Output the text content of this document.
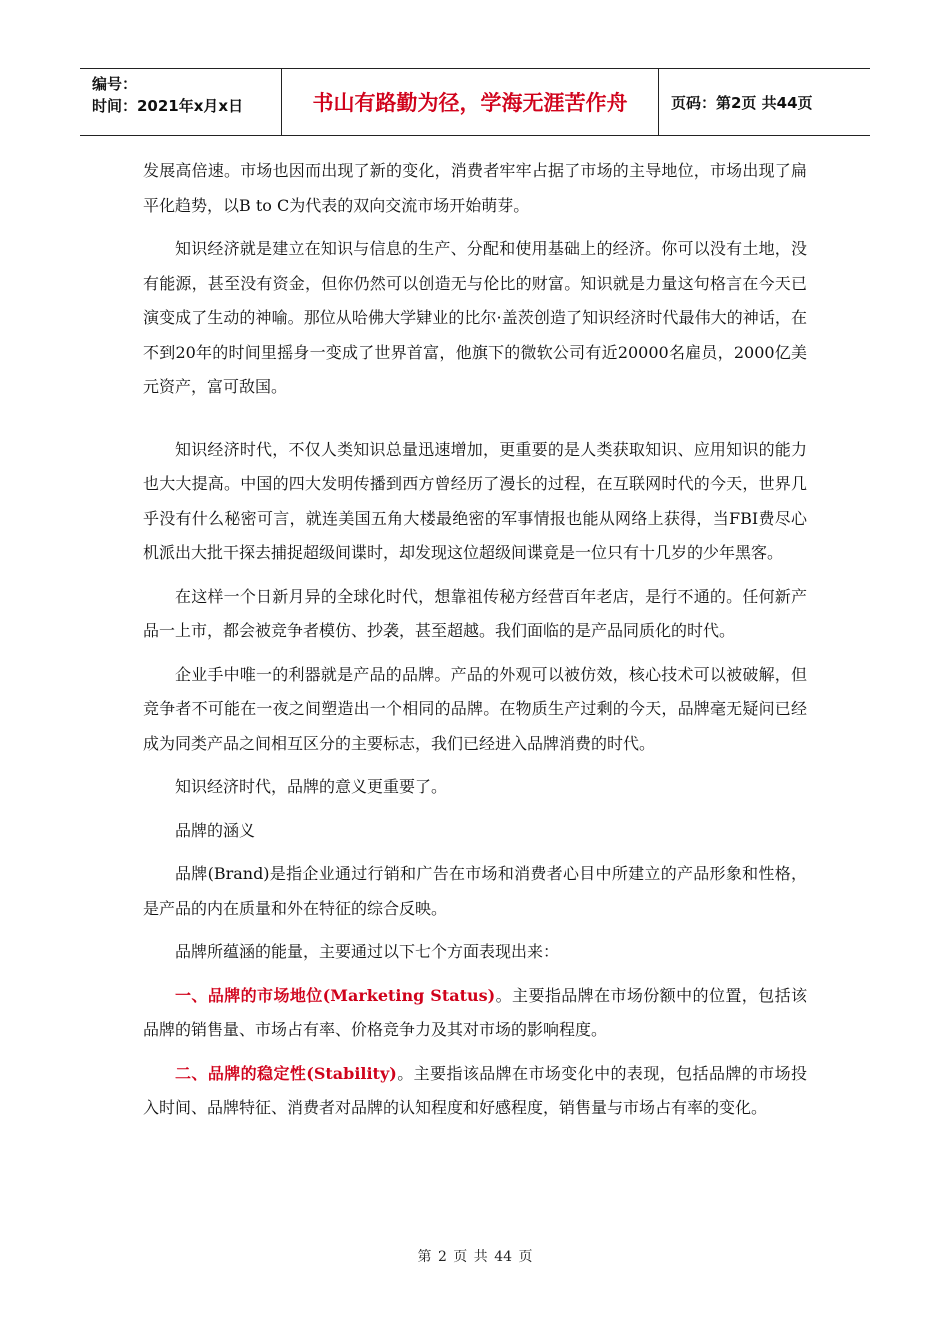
编号：
时间：2021年x月x日	书山有路勤为径，学海无涯苦作舟	页码：第2页 共44页

发展高倍速。市场也因而出现了新的变化，消费者牢牢占据了市场的主导地位，市场出现了扁平化趋势，以B to C为代表的双向交流市场开始萌芽。

知识经济就是建立在知识与信息的生产、分配和使用基础上的经济。你可以没有土地，没有能源，甚至没有资金，但你仍然可以创造无与伦比的财富。知识就是力量这句格言在今天已演变成了生动的神喻。那位从哈佛大学肄业的比尔·盖茨创造了知识经济时代最伟大的神话，在不到20年的时间里摇身一变成了世界首富，他旗下的微软公司有近20000名雇员，2000亿美元资产，富可敌国。

知识经济时代，不仅人类知识总量迅速增加，更重要的是人类获取知识、应用知识的能力也大大提高。中国的四大发明传播到西方曾经历了漫长的过程，在互联网时代的今天，世界几乎没有什么秘密可言，就连美国五角大楼最绝密的军事情报也能从网络上获得，当FBI费尽心机派出大批干探去捕捉超级间谍时，却发现这位超级间谍竟是一位只有十几岁的少年黑客。

在这样一个日新月异的全球化时代，想靠祖传秘方经营百年老店，是行不通的。任何新产品一上市，都会被竞争者模仿、抄袭，甚至超越。我们面临的是产品同质化的时代。

企业手中唯一的利器就是产品的品牌。产品的外观可以被仿效，核心技术可以被破解，但竞争者不可能在一夜之间塑造出一个相同的品牌。在物质生产过剩的今天，品牌毫无疑问已经成为同类产品之间相互区分的主要标志，我们已经进入品牌消费的时代。

知识经济时代，品牌的意义更重要了。

品牌的涵义

品牌(Brand)是指企业通过行销和广告在市场和消费者心目中所建立的产品形象和性格，是产品的内在质量和外在特征的综合反映。

品牌所蕴涵的能量，主要通过以下七个方面表现出来：

一、品牌的市场地位(Marketing Status)。主要指品牌在市场份额中的位置，包括该品牌的销售量、市场占有率、价格竞争力及其对市场的影响程度。

二、品牌的稳定性(Stability)。主要指该品牌在市场变化中的表现，包括品牌的市场投入时间、品牌特征、消费者对品牌的认知程度和好感程度，销售量与市场占有率的变化。

第 2 页 共 44 页
